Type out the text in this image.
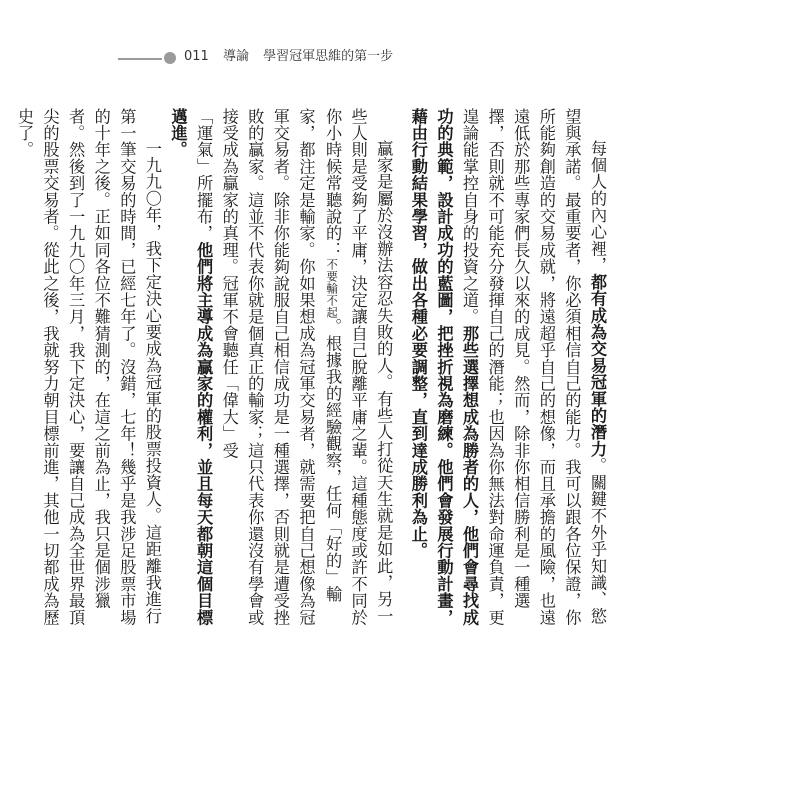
011 導論 學習冠軍思維的第一步

每個人的內心裡，都有成為交易冠軍的潛力。關鍵不外乎知識、慾望與承諾。最重要者，你必須相信自己的能力。我可以跟各位保證，你所能夠創造的交易成就，將遠超乎自己的想像，而且承擔的風險，也遠遠低於那些專家們長久以來的成見。然而，除非你相信勝利是一種選擇，否則就不可能充分發揮自己的潛能；也因為你無法對命運負責，更遑論能掌控自身的投資之道。那些選擇想成為勝者的人，他們會尋找成功的典範，設計成功的藍圖，把挫折視為磨練。他們會發展行動計畫，藉由行動結果學習，做出各種必要調整，直到達成勝利為止。

贏家是屬於沒辦法容忍失敗的人。有些人打從天生就是如此，另一些人則是受夠了平庸，決定讓自己脫離平庸之輩。這種態度或許不同於你小時候常聽說的：不要輸不起。根據我的經驗觀察，任何「好的」輸家，都注定是輸家。你如果想成為冠軍交易者，就需要把自己想像為冠軍交易者。除非你能夠說服自己相信成功是一種選擇，否則就是遭受挫敗的贏家。這並不代表你就是個真正的輸家；這只代表你還沒有學會或接受成為贏家的真理。冠軍不會聽任「偉大」受

「運氣」所擺布，他們將主導成為贏家的權利，並且每天都朝這個目標邁進。

一九九〇年，我下定決心要成為冠軍的股票投資人。這距離我進行第一筆交易的時間，已經七年了。沒錯，七年！幾乎是我涉足股票市場的十年之後。正如同各位不難猜測的，在這之前為止，我只是個涉獵者。然後到了一九九〇年三月，我下定決心，要讓自己成為全世界最頂尖的股票交易者。從此之後，我就努力朝目標前進，其他一切都成為歷史了。
